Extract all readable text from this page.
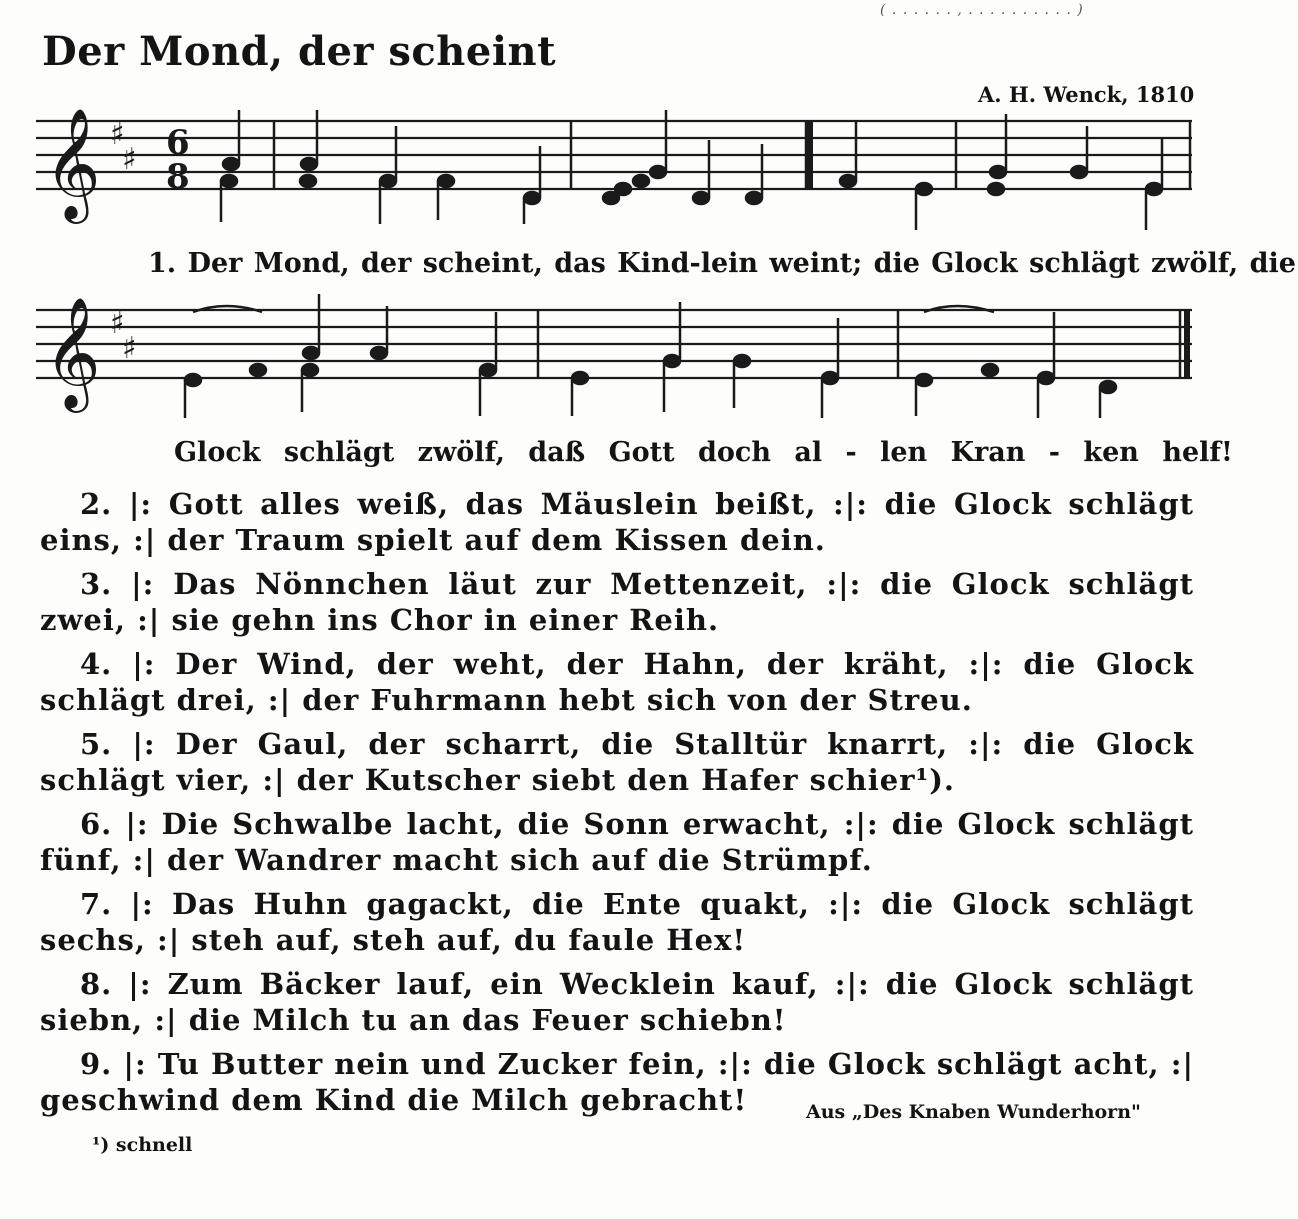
( . . . . . . , . . . . . . . . . . )
Der Mond, der scheint
A. H. Wenck, 1810
𝄞 ♯
♯ 6
8
1. Der Mond, der scheint, das Kind-lein weint; die Glock schlägt zwölf, die
𝄞 ♯
♯
Glock schlägt zwölf, daß Gott doch al - len Kran - ken helf!
2. |: Gott alles weiß, das Mäuslein beißt, :|: die Glock schlägt eins, :| der Traum spielt auf dem Kissen dein.
3. |: Das Nönnchen läut zur Mettenzeit, :|: die Glock schlägt zwei, :| sie gehn ins Chor in einer Reih.
4. |: Der Wind, der weht, der Hahn, der kräht, :|: die Glock schlägt drei, :| der Fuhrmann hebt sich von der Streu.
5. |: Der Gaul, der scharrt, die Stalltür knarrt, :|: die Glock schlägt vier, :| der Kutscher siebt den Hafer schier¹).
6. |: Die Schwalbe lacht, die Sonn erwacht, :|: die Glock schlägt fünf, :| der Wandrer macht sich auf die Strümpf.
7. |: Das Huhn gagackt, die Ente quakt, :|: die Glock schlägt sechs, :| steh auf, steh auf, du faule Hex!
8. |: Zum Bäcker lauf, ein Wecklein kauf, :|: die Glock schlägt siebn, :| die Milch tu an das Feuer schiebn!
9. |: Tu Butter nein und Zucker fein, :|: die Glock schlägt acht, :| geschwind dem Kind die Milch gebracht!	Aus „Des Knaben Wunderhorn"
¹) schnell
